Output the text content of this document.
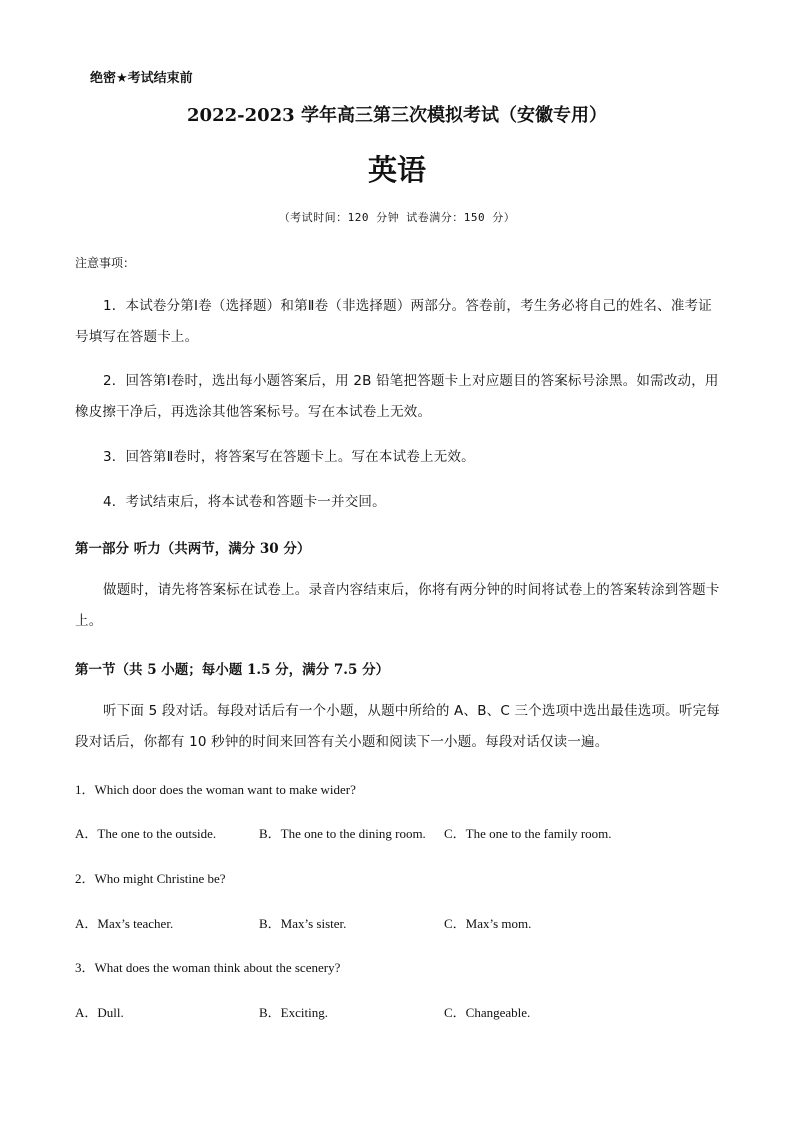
绝密★考试结束前
2022-2023 学年高三第三次模拟考试（安徽专用）
英语
（考试时间：120 分钟 试卷满分：150 分）
注意事项：
1．本试卷分第Ⅰ卷（选择题）和第Ⅱ卷（非选择题）两部分。答卷前，考生务必将自己的姓名、准考证号填写在答题卡上。
2．回答第Ⅰ卷时，选出每小题答案后，用 2B 铅笔把答题卡上对应题目的答案标号涂黑。如需改动，用橡皮擦干净后，再选涂其他答案标号。写在本试卷上无效。
3．回答第Ⅱ卷时，将答案写在答题卡上。写在本试卷上无效。
4．考试结束后，将本试卷和答题卡一并交回。
第一部分 听力（共两节，满分 30 分）
做题时，请先将答案标在试卷上。录音内容结束后，你将有两分钟的时间将试卷上的答案转涂到答题卡上。
第一节（共 5 小题；每小题 1.5 分，满分 7.5 分）
听下面 5 段对话。每段对话后有一个小题，从题中所给的 A、B、C 三个选项中选出最佳选项。听完每段对话后，你都有 10 秒钟的时间来回答有关小题和阅读下一小题。每段对话仅读一遍。
1．Which door does the woman want to make wider?
A．The one to the outside.	B．The one to the dining room. C．The one to the family room.
2．Who might Christine be?
A．Max’s teacher.	B．Max’s sister.	C．Max’s mom.
3．What does the woman think about the scenery?
A．Dull.	B．Exciting.	C．Changeable.
